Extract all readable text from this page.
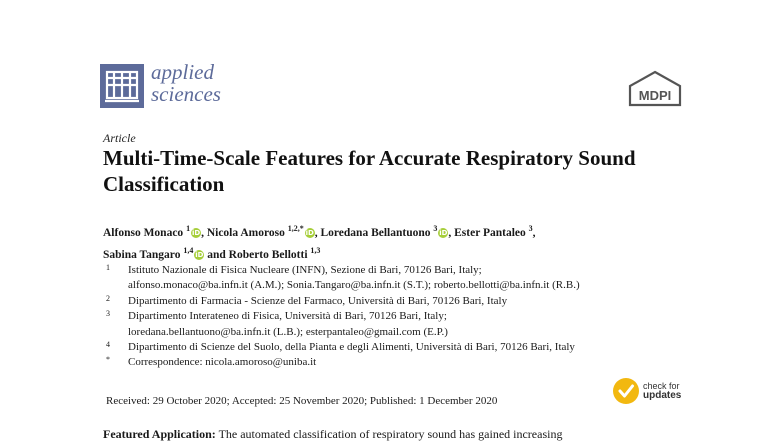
applied
sciences	MDPI
Article
Multi-Time-Scale Features for Accurate Respiratory Sound Classification
Alfonso Monaco $^1$ iD, Nicola Amoroso $^{1,2,*}$ iD, Loredana Bellantuono $^3$ iD, Ester Pantaleo $^3$,
Sabina Tangaro $^{1,4}$ iD and Roberto Bellotti $^{1,3}$
1 Istituto Nazionale di Fisica Nucleare (INFN), Sezione di Bari, 70126 Bari, Italy;
alfonso.monaco@ba.infn.it (A.M.); Sonia.Tangaro@ba.infn.it (S.T.); roberto.bellotti@ba.infn.it (R.B.)
2 Dipartimento di Farmacia - Scienze del Farmaco, Università di Bari, 70126 Bari, Italy
3 Dipartimento Interateneo di Fisica, Università di Bari, 70126 Bari, Italy;
loredana.bellantuono@ba.infn.it (L.B.); esterpantaleo@gmail.com (E.P.)
4 Dipartimento di Scienze del Suolo, della Pianta e degli Alimenti, Università di Bari, 70126 Bari, Italy
* Correspondence: nicola.amoroso@uniba.it
check for
updates
Received: 29 October 2020; Accepted: 25 November 2020; Published: 1 December 2020
Featured Application: The automated classification of respiratory sound has gained increasing
